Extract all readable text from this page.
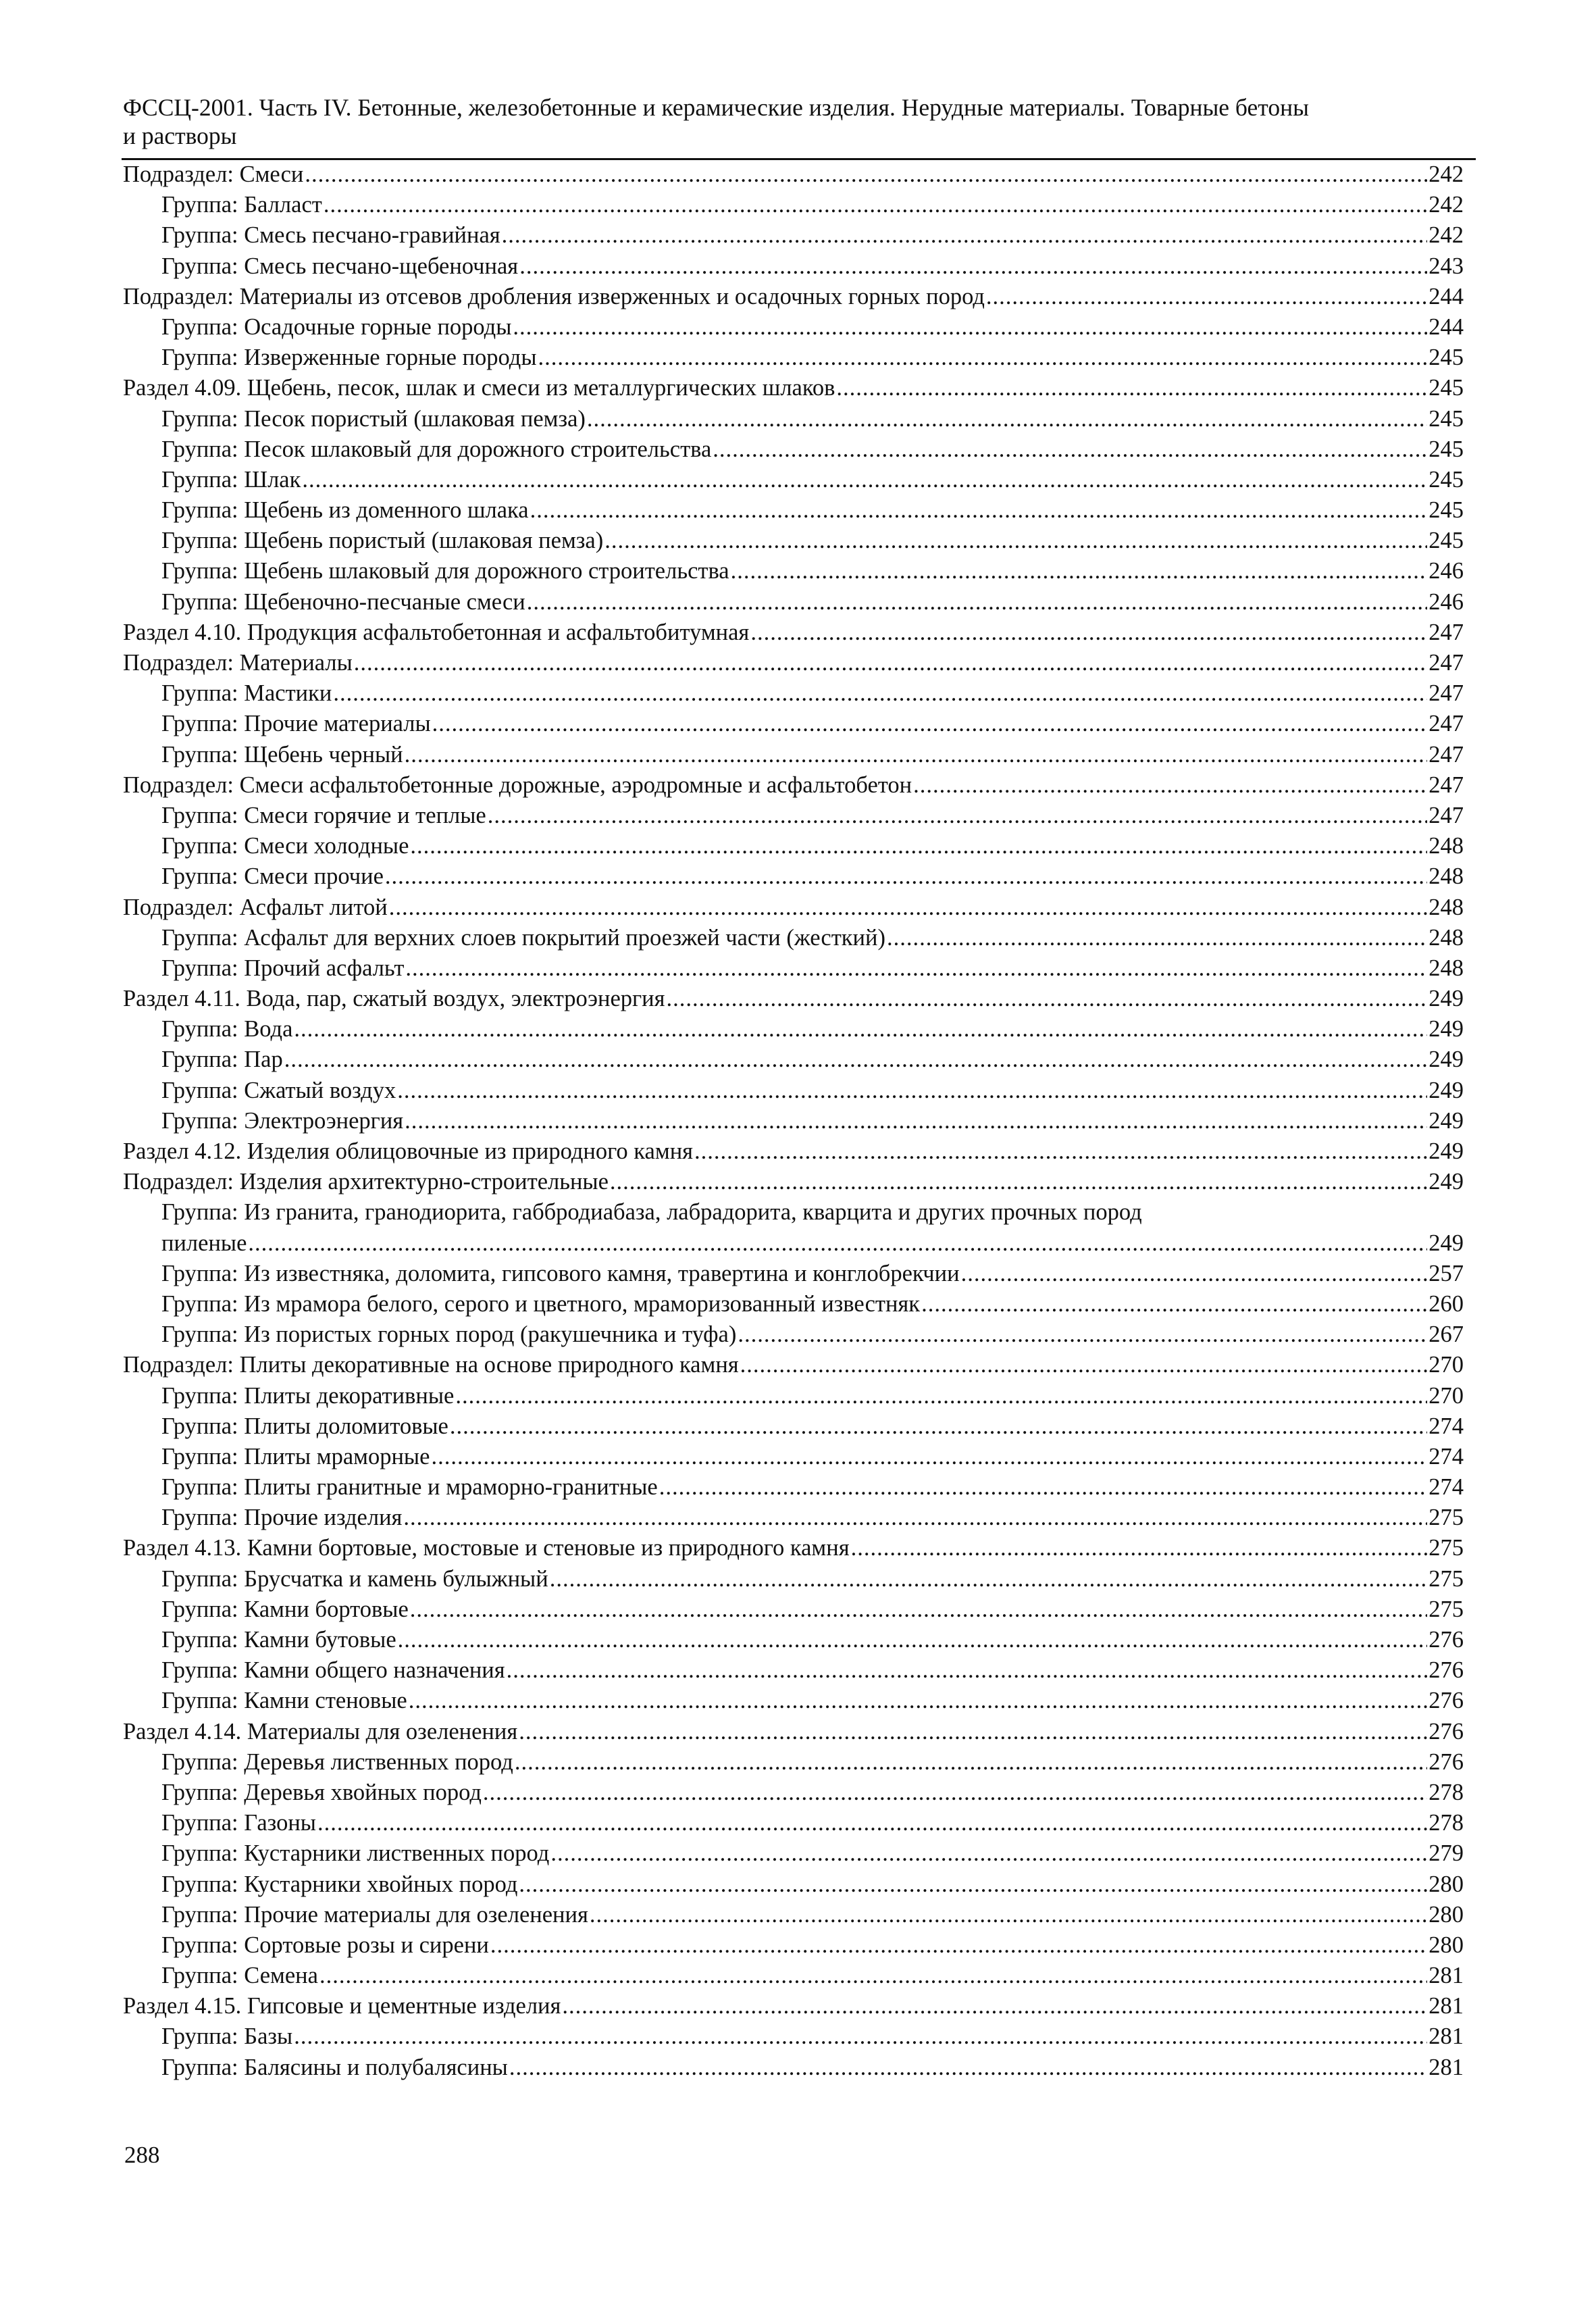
ФССЦ-2001. Часть IV. Бетонные, железобетонные и керамические изделия. Нерудные материалы. Товарные бетоны
и растворы
Подраздел: Смеси .....	242
Группа: Балласт .....	242
Группа: Смесь песчано-гравийная .....	242
Группа: Смесь песчано-щебеночная .....	243
Подраздел: Материалы из отсевов дробления изверженных и осадочных горных пород .....	244
Группа: Осадочные горные породы .....	244
Группа: Изверженные горные породы .....	245
Раздел 4.09. Щебень, песок, шлак и смеси из металлургических шлаков .....	245
Группа: Песок пористый (шлаковая пемза) .....	245
Группа: Песок шлаковый для дорожного строительства .....	245
Группа: Шлак .....	245
Группа: Щебень из доменного шлака .....	245
Группа: Щебень пористый (шлаковая пемза) .....	245
Группа: Щебень шлаковый для дорожного строительства .....	246
Группа: Щебеночно-песчаные смеси .....	246
Раздел 4.10. Продукция асфальтобетонная и асфальтобитумная .....	247
Подраздел: Материалы .....	247
Группа: Мастики .....	247
Группа: Прочие материалы .....	247
Группа: Щебень черный .....	247
Подраздел: Смеси асфальтобетонные дорожные, аэродромные и асфальтобетон .....	247
Группа: Смеси горячие и теплые .....	247
Группа: Смеси холодные .....	248
Группа: Смеси прочие .....	248
Подраздел: Асфальт литой .....	248
Группа: Асфальт для верхних слоев покрытий проезжей части (жесткий) .....	248
Группа: Прочий асфальт .....	248
Раздел 4.11. Вода, пар, сжатый воздух, электроэнергия .....	249
Группа: Вода .....	249
Группа: Пар .....	249
Группа: Сжатый воздух .....	249
Группа: Электроэнергия .....	249
Раздел 4.12. Изделия облицовочные из природного камня .....	249
Подраздел: Изделия архитектурно-строительные .....	249
Группа: Из гранита, гранодиорита, габбродиабаза, лабрадорита, кварцита и других прочных пород
пиленые .....	249
Группа: Из известняка, доломита, гипсового камня, травертина и конглобрекчии .....	257
Группа: Из мрамора белого, серого и цветного, мраморизованный известняк .....	260
Группа: Из пористых горных пород (ракушечника и туфа) .....	267
Подраздел: Плиты декоративные на основе природного камня .....	270
Группа: Плиты декоративные .....	270
Группа: Плиты доломитовые .....	274
Группа: Плиты мраморные .....	274
Группа: Плиты гранитные и мраморно-гранитные .....	274
Группа: Прочие изделия .....	275
Раздел 4.13. Камни бортовые, мостовые и стеновые из природного камня .....	275
Группа: Брусчатка и камень булыжный .....	275
Группа: Камни бортовые .....	275
Группа: Камни бутовые .....	276
Группа: Камни общего назначения .....	276
Группа: Камни стеновые .....	276
Раздел 4.14. Материалы для озеленения .....	276
Группа: Деревья лиственных пород .....	276
Группа: Деревья хвойных пород .....	278
Группа: Газоны .....	278
Группа: Кустарники лиственных пород .....	279
Группа: Кустарники хвойных пород .....	280
Группа: Прочие материалы для озеленения .....	280
Группа: Сортовые розы и сирени .....	280
Группа: Семена .....	281
Раздел 4.15. Гипсовые и цементные изделия .....	281
Группа: Базы .....	281
Группа: Балясины и полубалясины .....	281
288
